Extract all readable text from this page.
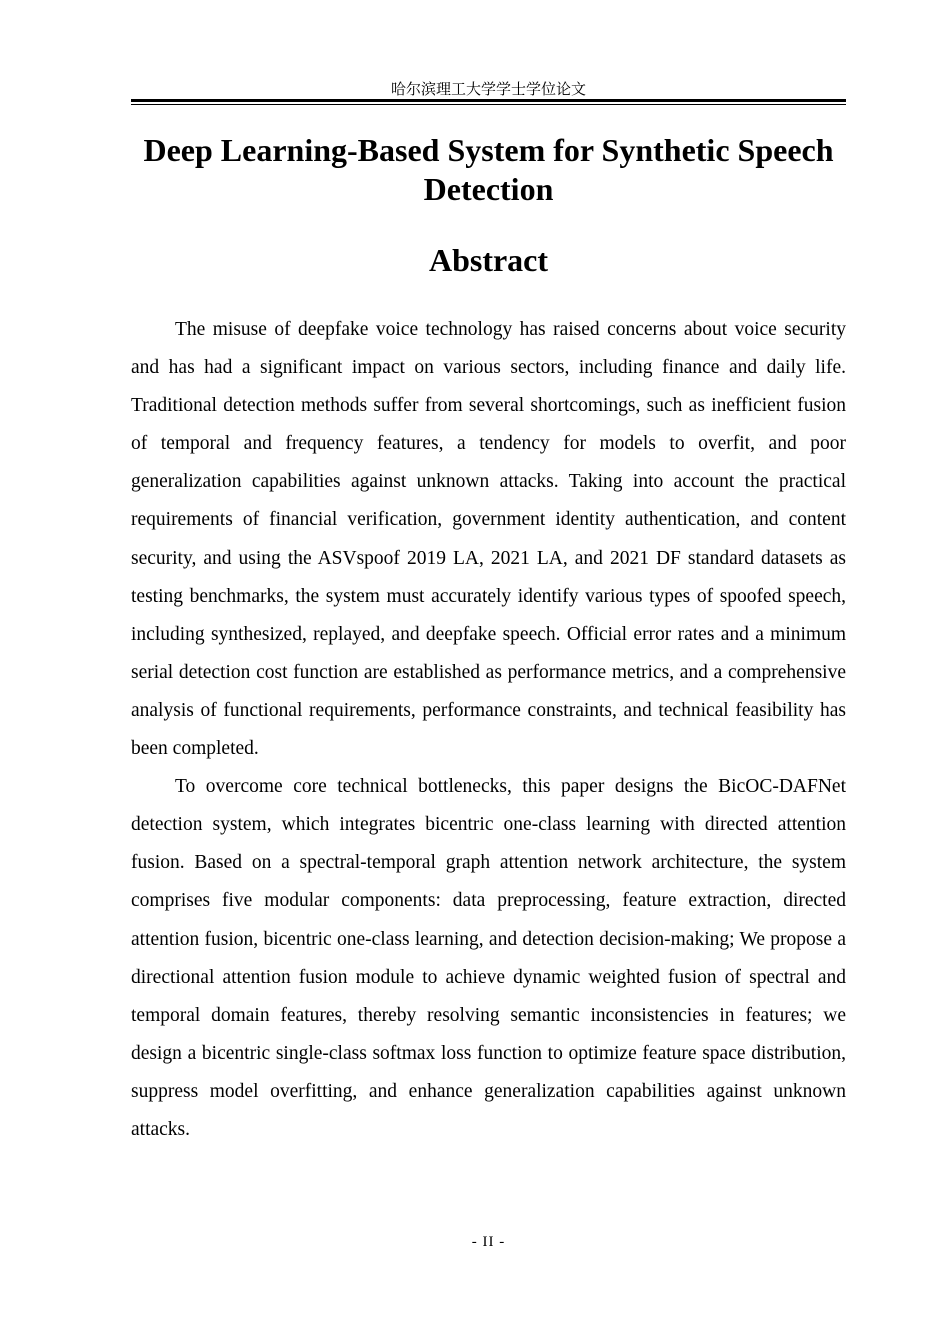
哈尔滨理工大学学士学位论文
Deep Learning-Based System for Synthetic Speech Detection
Abstract

The misuse of deepfake voice technology has raised concerns about voice security and has had a significant impact on various sectors, including finance and daily life. Traditional detection methods suffer from several shortcomings, such as inefficient fusion of temporal and frequency features, a tendency for models to overfit, and poor generalization capabilities against unknown attacks. Taking into account the practical requirements of financial verification, government identity authentication, and content security, and using the ASVspoof 2019 LA, 2021 LA, and 2021 DF standard datasets as testing benchmarks, the system must accurately identify various types of spoofed speech, including synthesized, replayed, and deepfake speech. Official error rates and a minimum serial detection cost function are established as performance metrics, and a comprehensive analysis of functional requirements, performance constraints, and technical feasibility has been completed.

To overcome core technical bottlenecks, this paper designs the BicOC-DAFNet detection system, which integrates bicentric one-class learning with directed attention fusion. Based on a spectral-temporal graph attention network architecture, the system comprises five modular components: data preprocessing, feature extraction, directed attention fusion, bicentric one-class learning, and detection decision-making; We propose a directional attention fusion module to achieve dynamic weighted fusion of spectral and temporal domain features, thereby resolving semantic inconsistencies in features; we design a bicentric single-class softmax loss function to optimize feature space distribution, suppress model overfitting, and enhance generalization capabilities against unknown attacks.

- II -
